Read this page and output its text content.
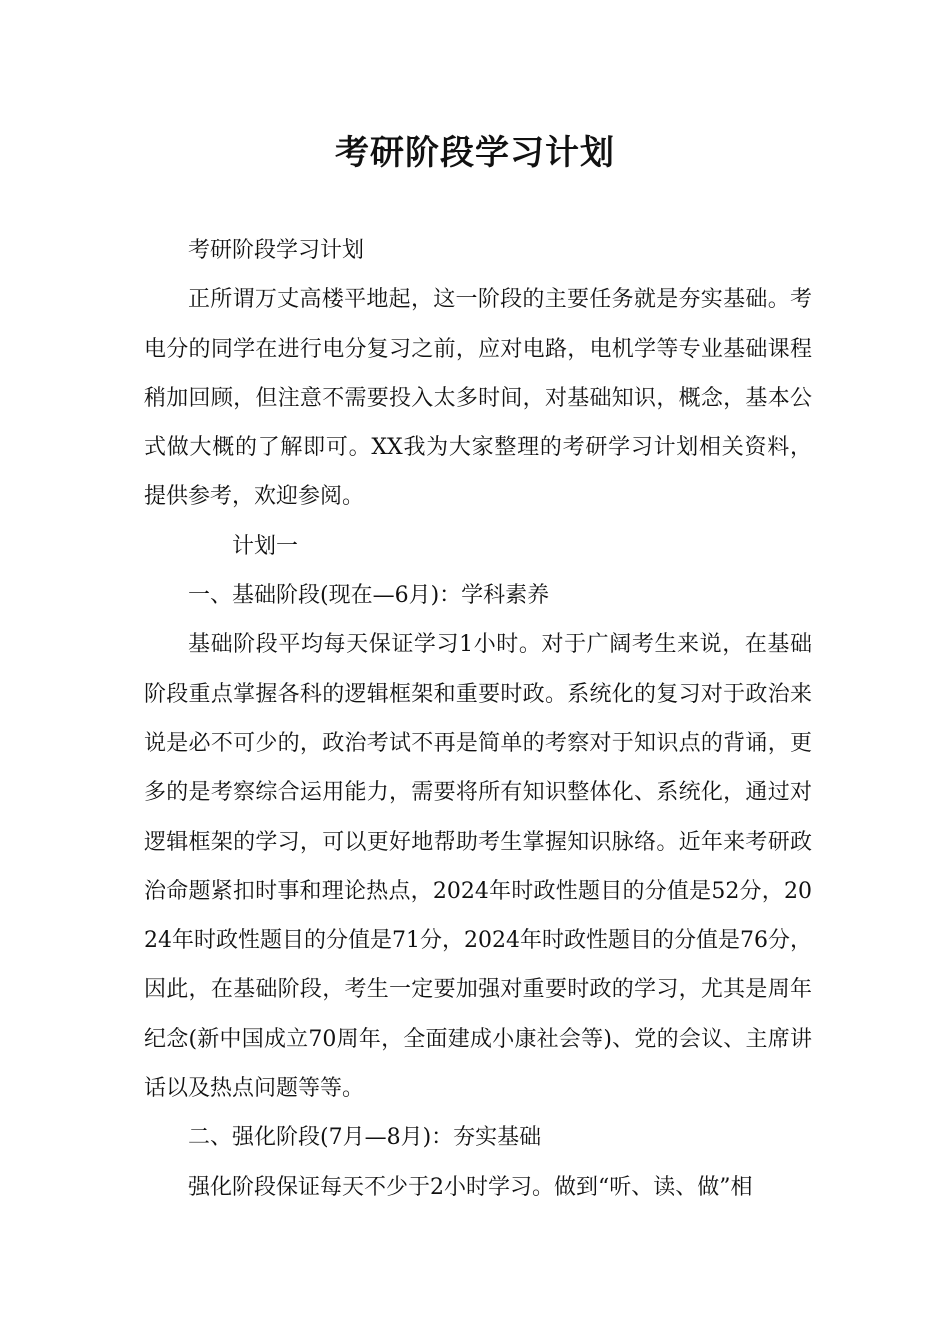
考研阶段学习计划

考研阶段学习计划

正所谓万丈高楼平地起，这一阶段的主要任务就是夯实基础。考电分的同学在进行电分复习之前，应对电路，电机学等专业基础课程稍加回顾，但注意不需要投入太多时间，对基础知识，概念，基本公式做大概的了解即可。XX我为大家整理的考研学习计划相关资料，提供参考，欢迎参阅。

计划一

一、基础阶段(现在—6月)：学科素养

基础阶段平均每天保证学习1小时。对于广阔考生来说，在基础阶段重点掌握各科的逻辑框架和重要时政。系统化的复习对于政治来说是必不可少的，政治考试不再是简单的考察对于知识点的背诵，更多的是考察综合运用能力，需要将所有知识整体化、系统化，通过对逻辑框架的学习，可以更好地帮助考生掌握知识脉络。近年来考研政治命题紧扣时事和理论热点，2024年时政性题目的分值是52分，2024年时政性题目的分值是71分，2024年时政性题目的分值是76分，因此，在基础阶段，考生一定要加强对重要时政的学习，尤其是周年纪念(新中国成立70周年，全面建成小康社会等)、党的会议、主席讲话以及热点问题等等。

二、强化阶段(7月—8月)：夯实基础

强化阶段保证每天不少于2小时学习。做到“听、读、做”相
